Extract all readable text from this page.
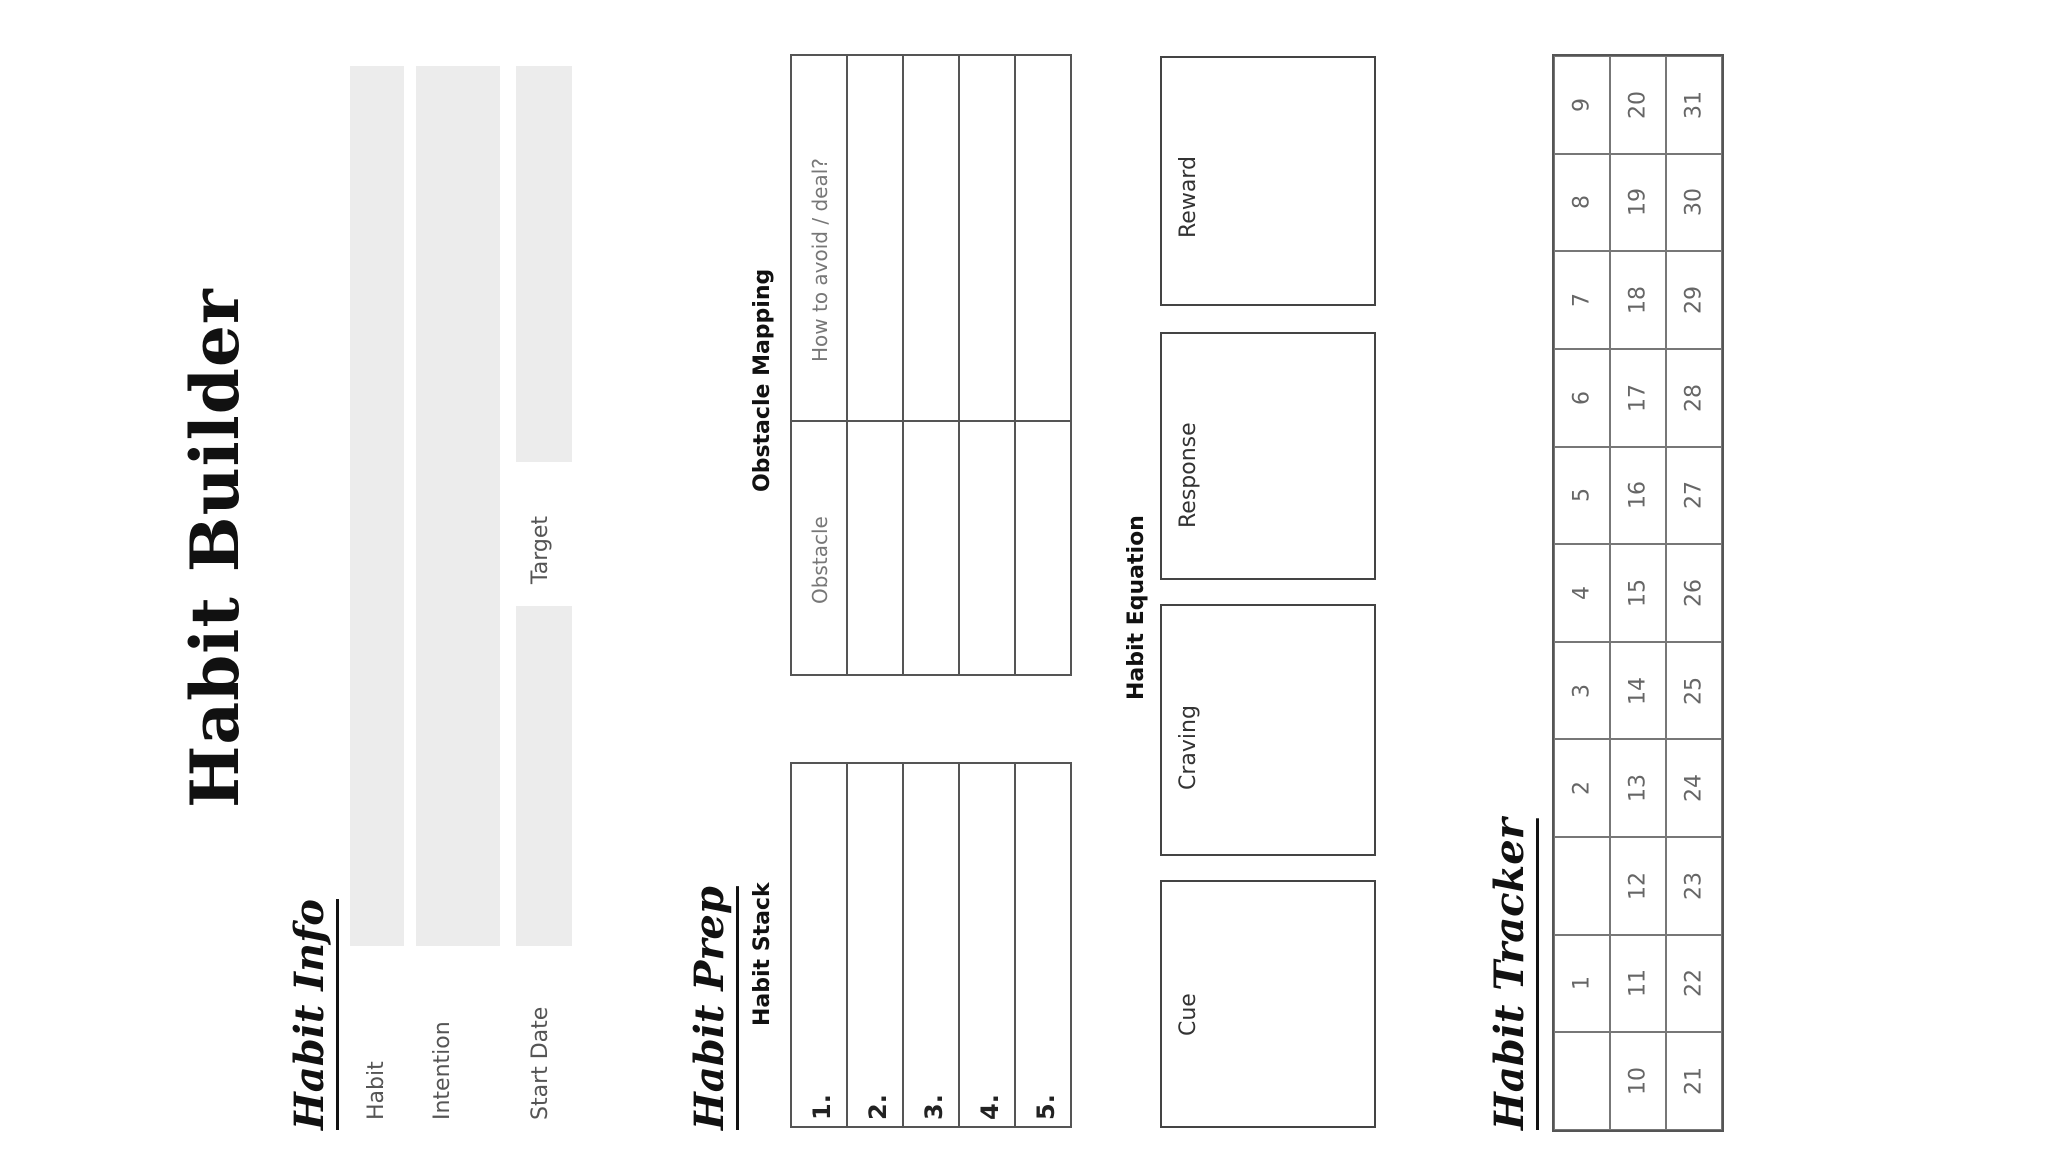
Habit Builder
Habit Info Habit Intention	Start Date
Target
Habit Prep Habit Stack
1. 2. 3. 4. 5.
Obstacle Mapping
Obstacle
How to avoid / deal?
Habit Equation
Cue
Craving
Response
Reward
Habit Tracker
9 20 31
8 19 30
7 18 29
6 17 28
5 16 27
4 15 26
3 14 25
2 13 24
12 23
1 11 22
10 21
